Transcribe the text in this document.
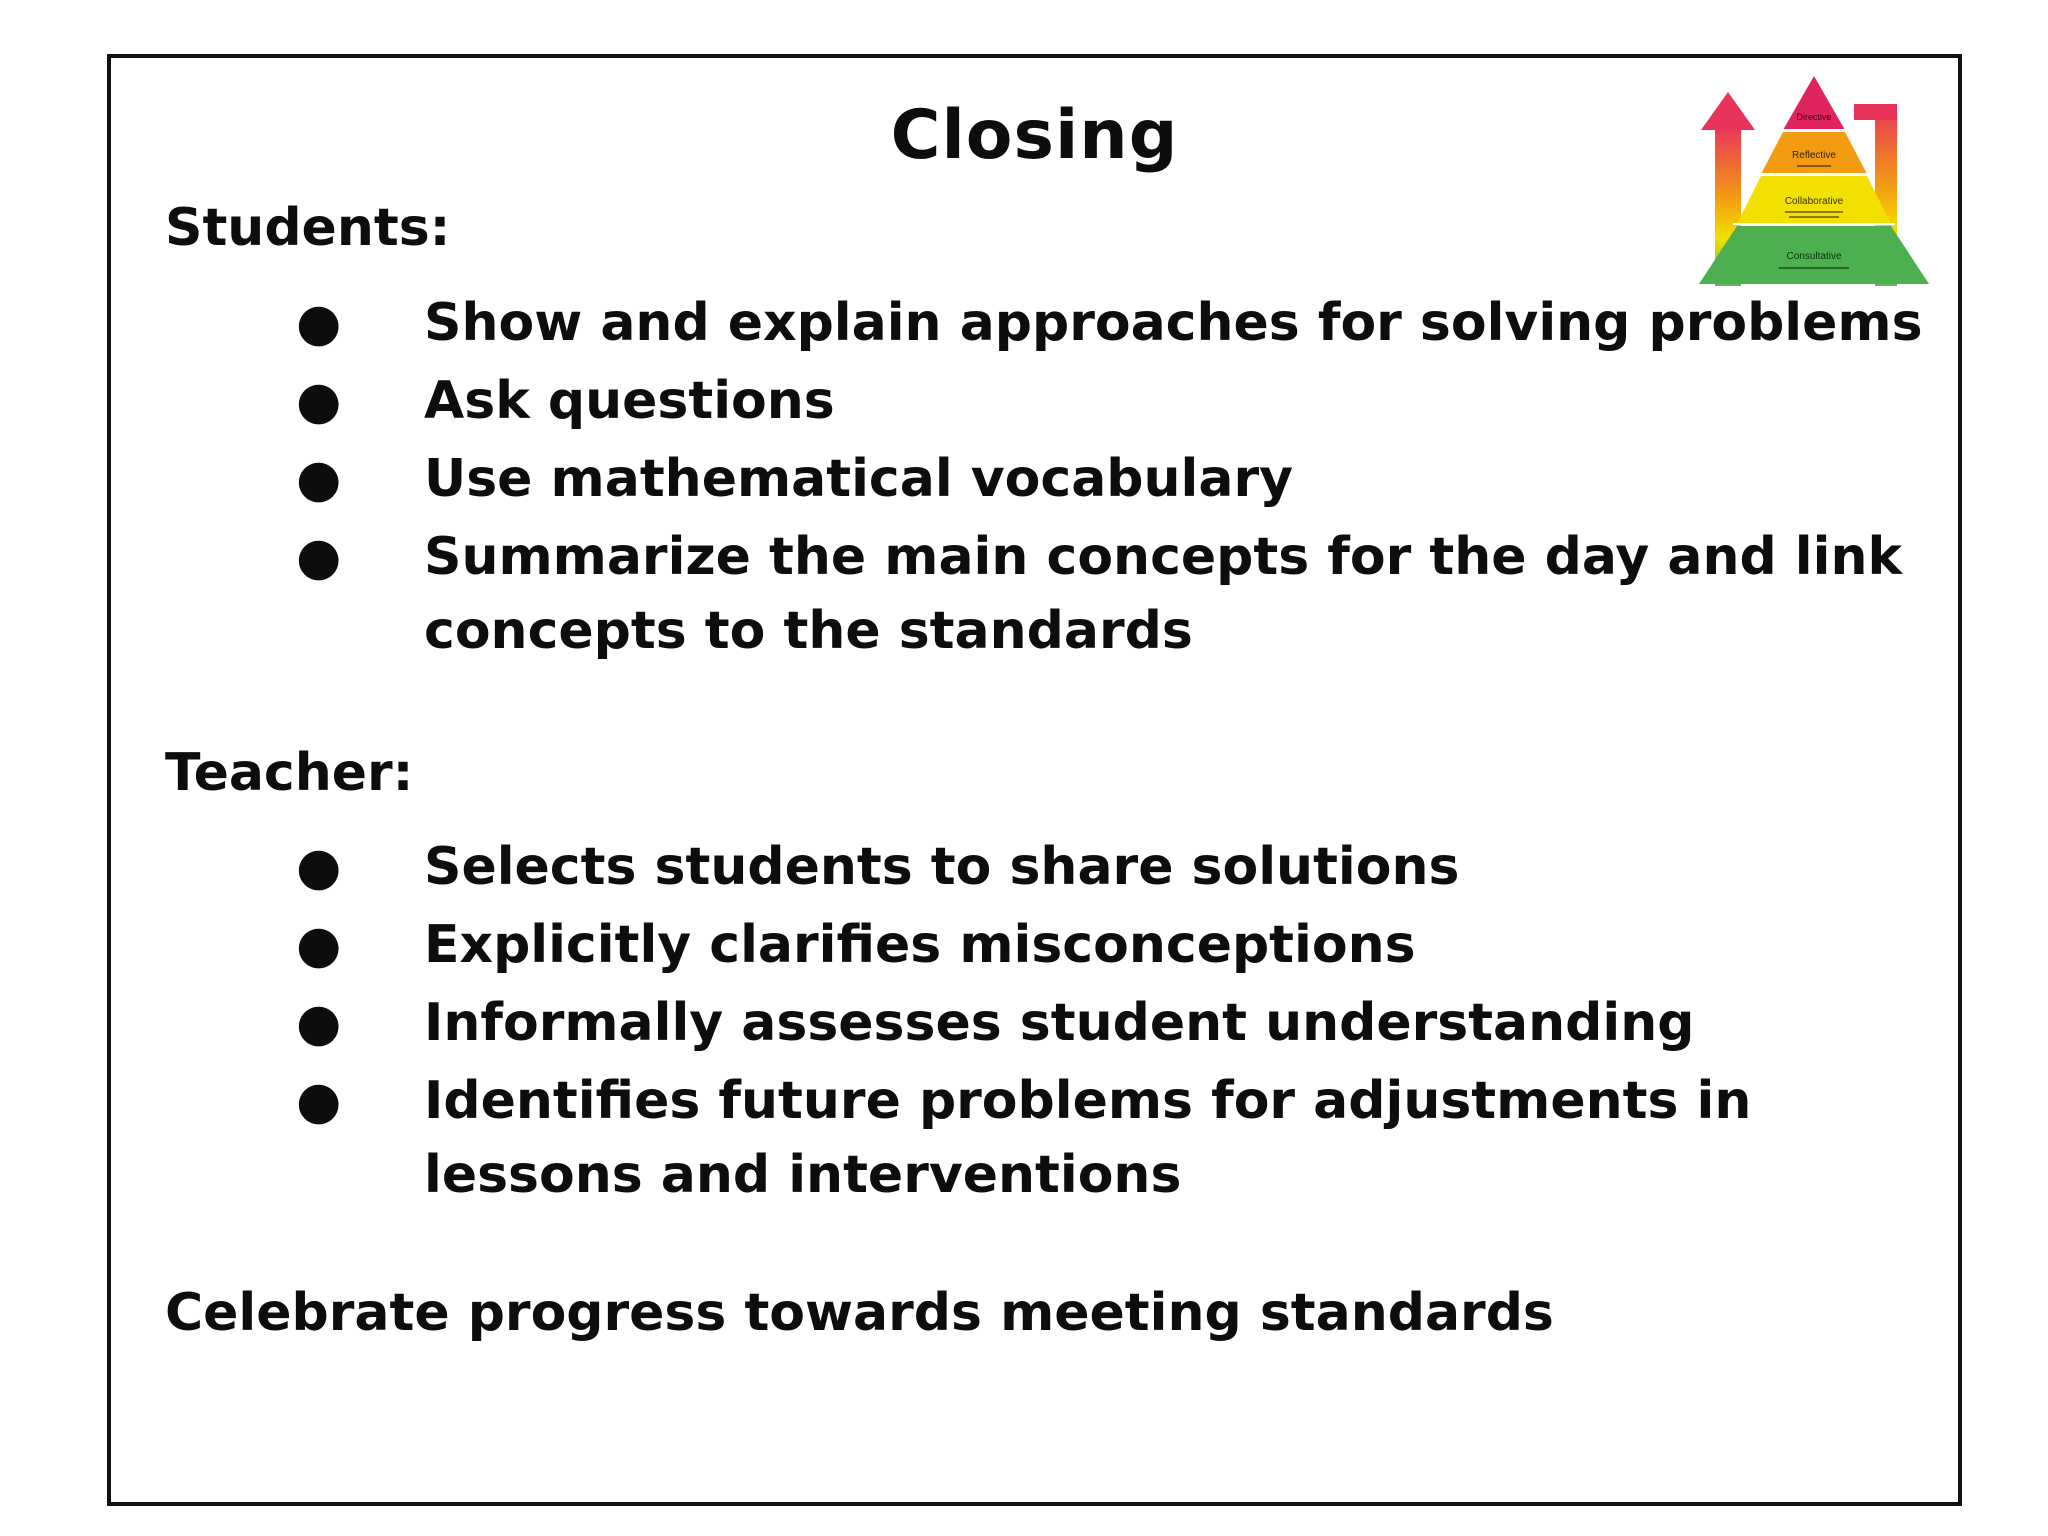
Closing	Directive
Reflective
Collaborative
Consultative
Students:
● Show and explain approaches for solving problems
● Ask questions
● Use mathematical vocabulary
● Summarize the main concepts for the day and link concepts to the standards
Teacher:
● Selects students to share solutions
● Explicitly clarifies misconceptions
● Informally assesses student understanding
● Identifies future problems for adjustments in lessons and interventions

Celebrate progress towards meeting standards
